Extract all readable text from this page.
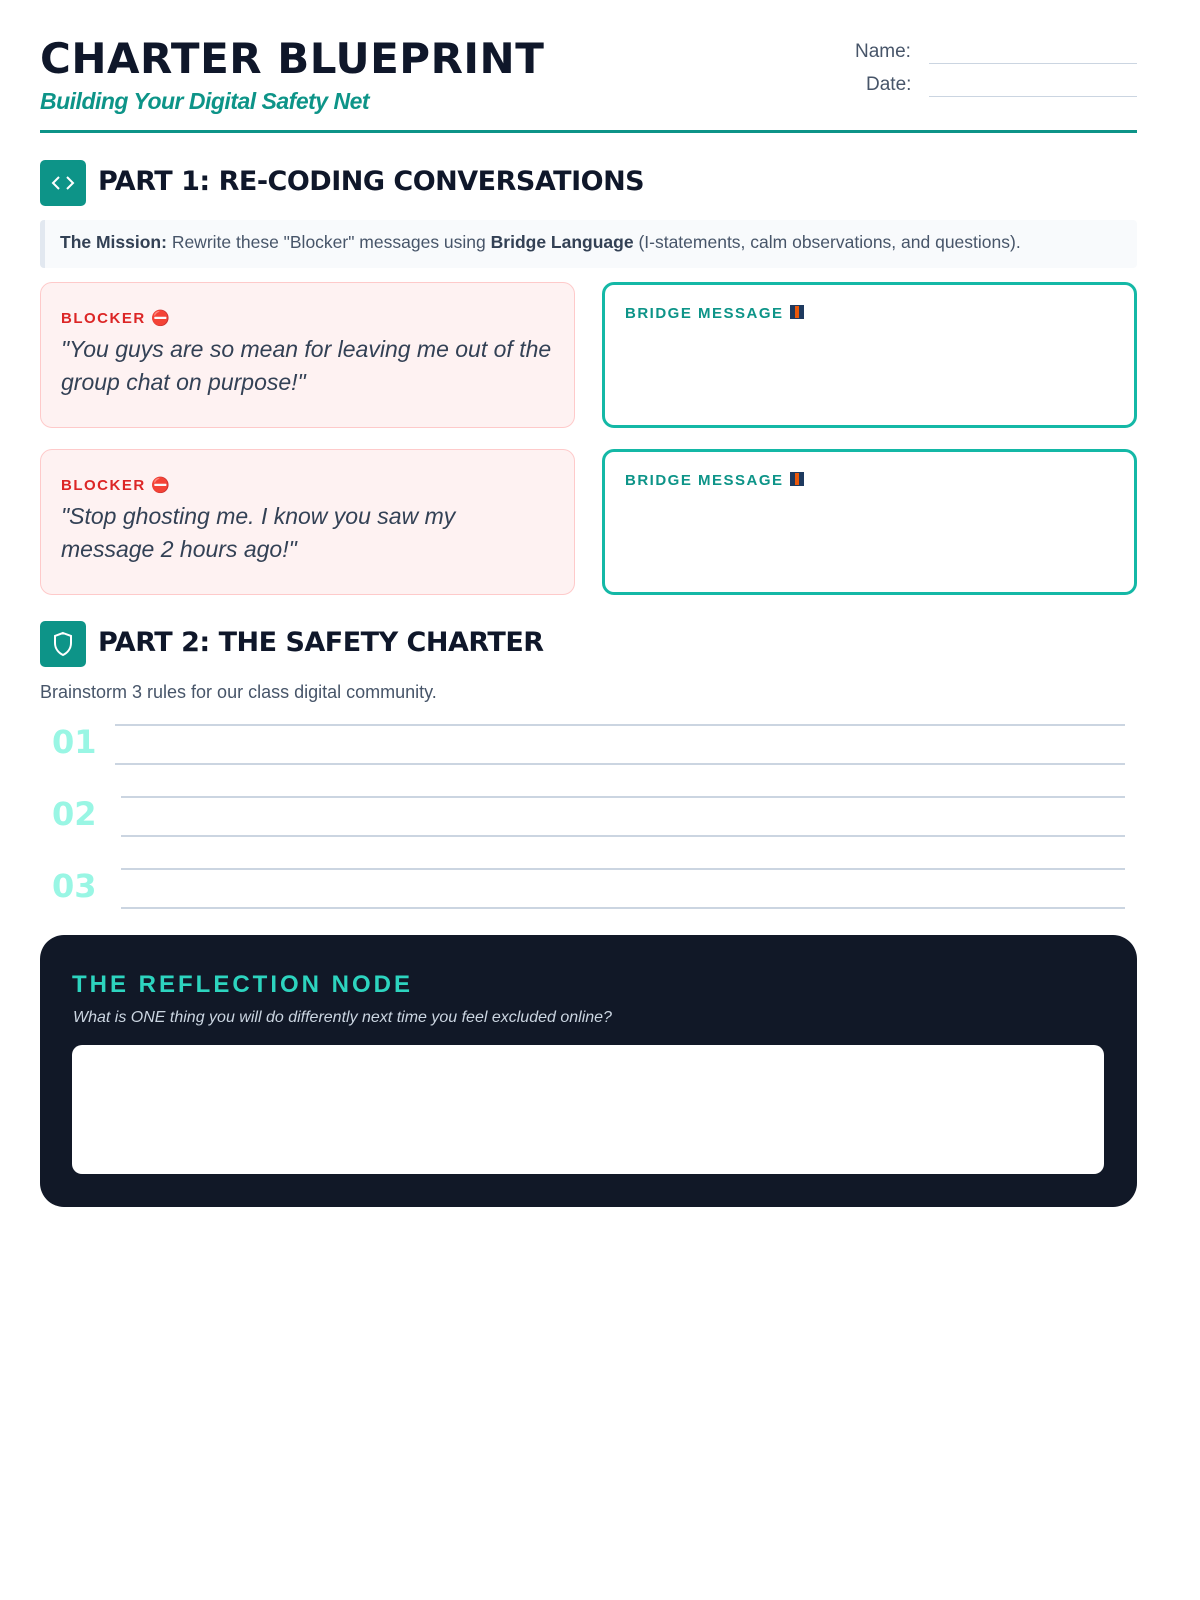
CHARTER BLUEPRINT
Building Your Digital Safety Net
Name:
Date:
PART 1: RE-CODING CONVERSATIONS
The Mission: Rewrite these "Blocker" messages using Bridge Language (I-statements, calm observations, and questions).
BLOCKER ⛔
"You guys are so mean for leaving me out of the group chat on purpose!"
BRIDGE MESSAGE
BLOCKER ⛔
"Stop ghosting me. I know you saw my message 2 hours ago!"
BRIDGE MESSAGE
PART 2: THE SAFETY CHARTER
Brainstorm 3 rules for our class digital community.
01
02
03
THE REFLECTION NODE
What is ONE thing you will do differently next time you feel excluded online?
